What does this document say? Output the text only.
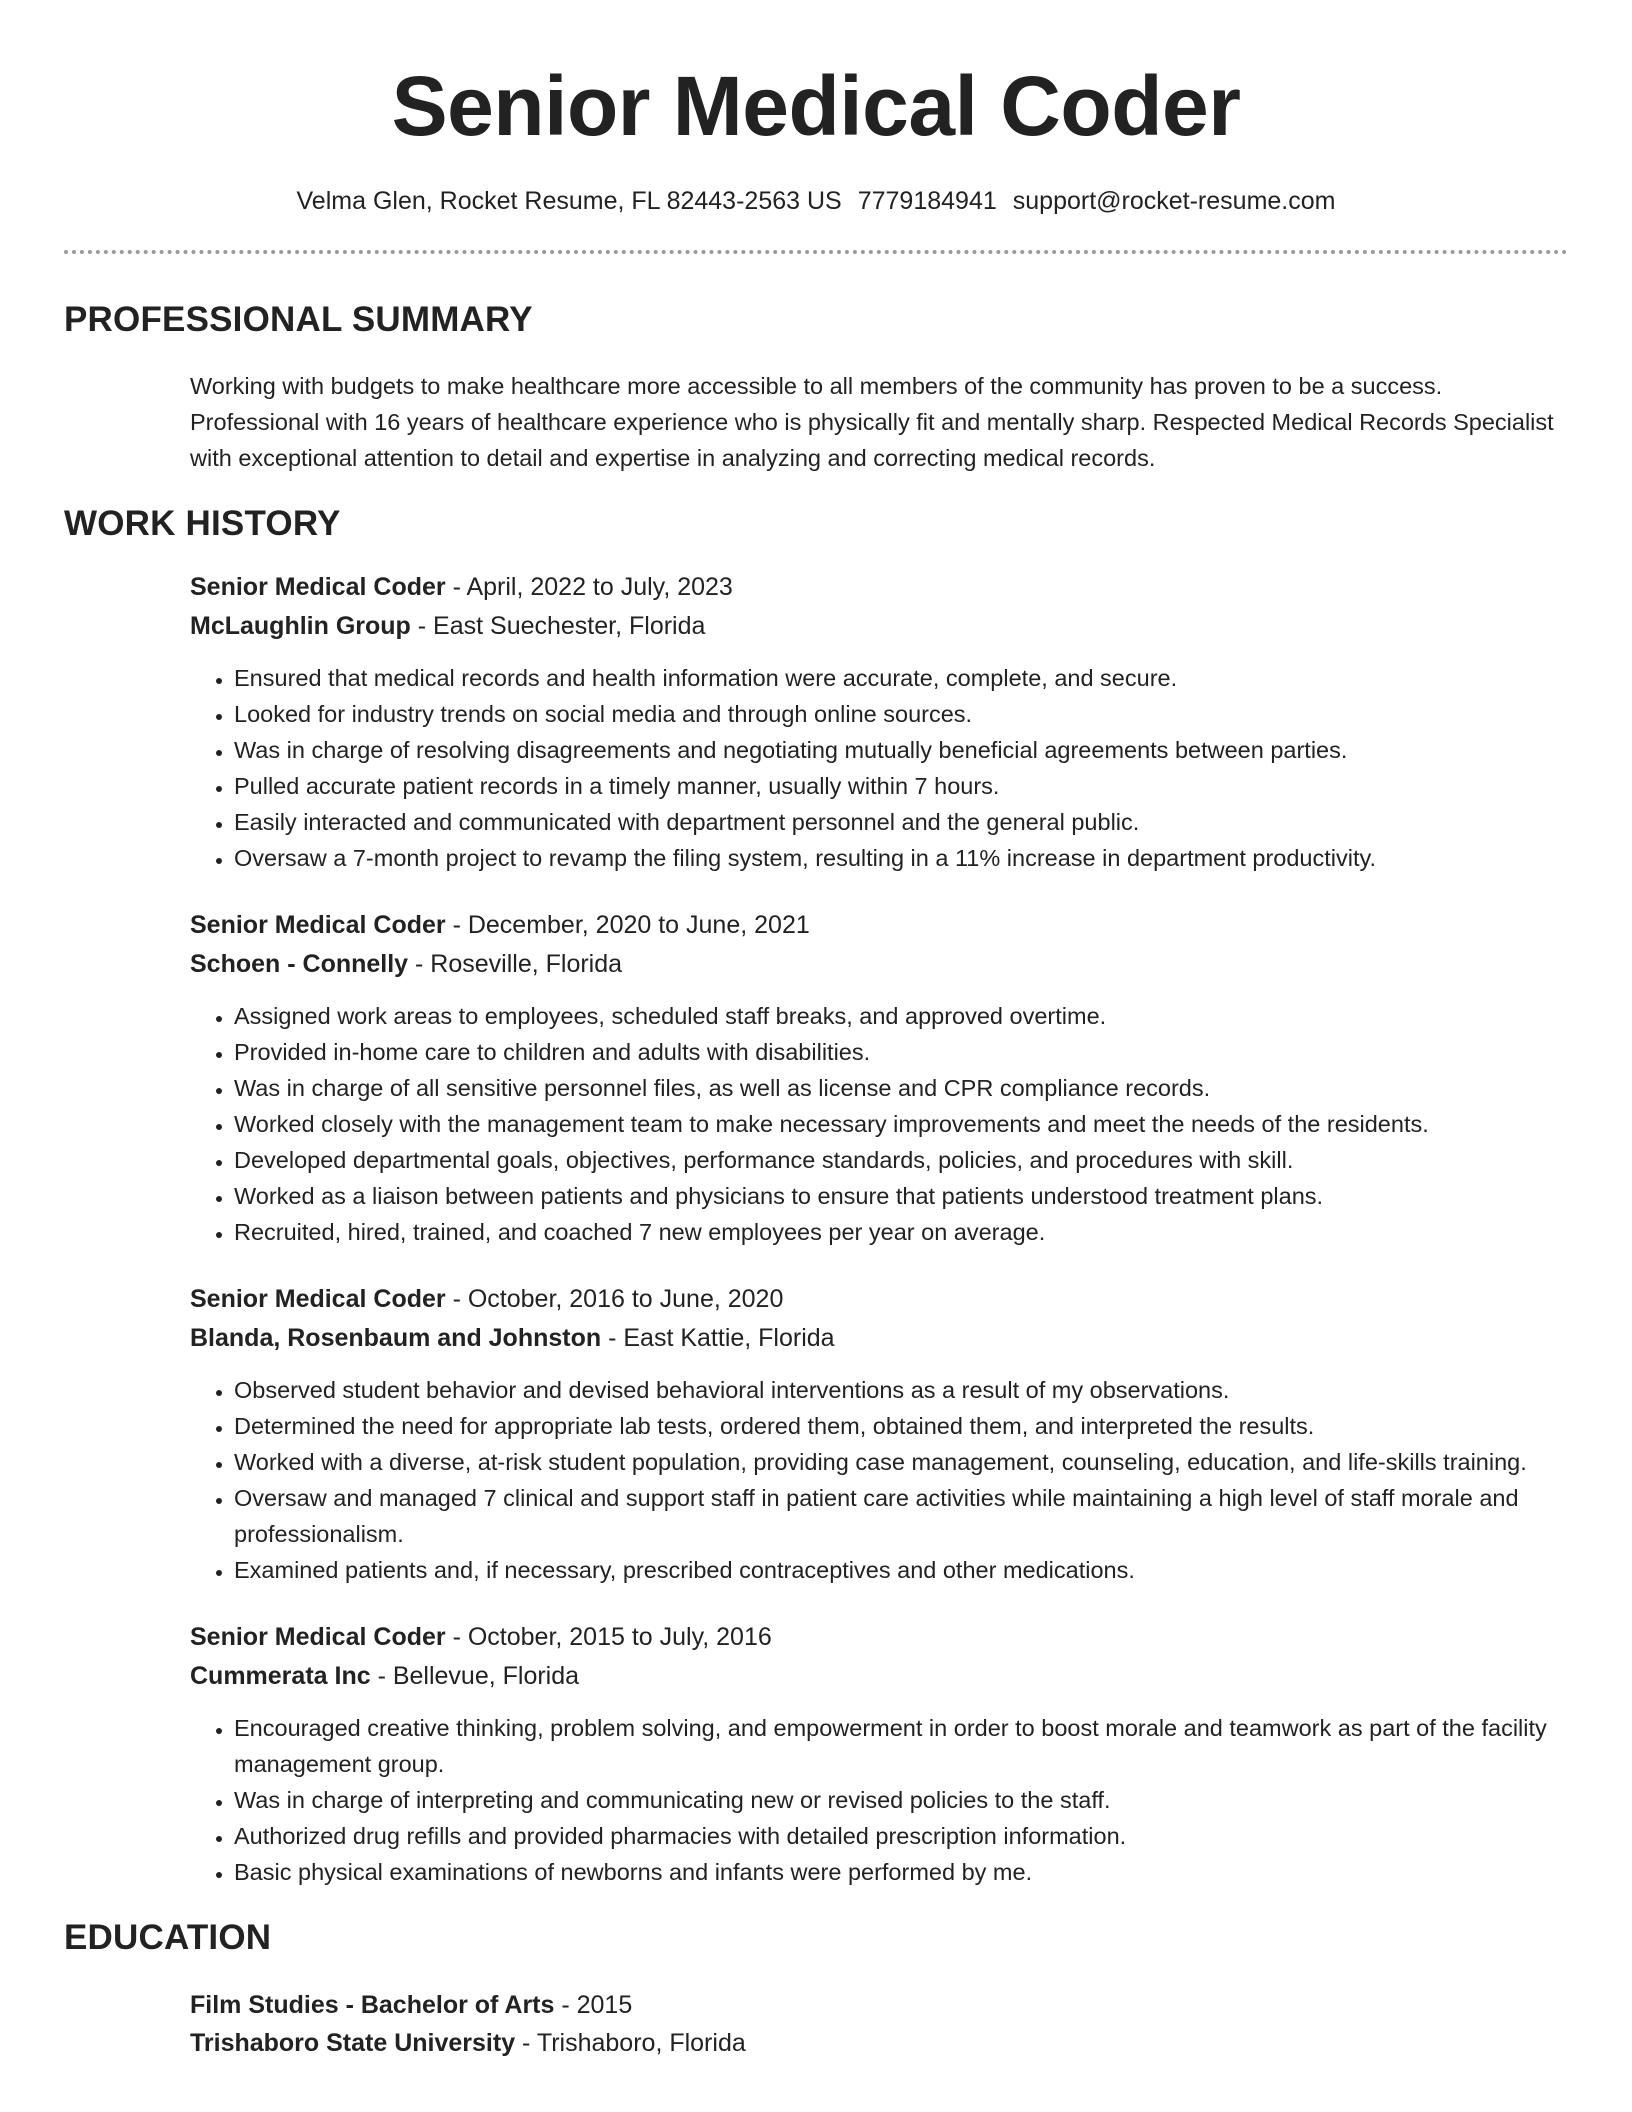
Senior Medical Coder
Velma Glen, Rocket Resume, FL 82443-2563 US 7779184941 support@rocket-resume.com
PROFESSIONAL SUMMARY

Working with budgets to make healthcare more accessible to all members of the community has proven to be a success. Professional with 16 years of healthcare experience who is physically fit and mentally sharp. Respected Medical Records Specialist with exceptional attention to detail and expertise in analyzing and correcting medical records.

WORK HISTORY
Senior Medical Coder - April, 2022 to July, 2023
McLaughlin Group - East Suechester, Florida
• Ensured that medical records and health information were accurate, complete, and secure.
• Looked for industry trends on social media and through online sources.
• Was in charge of resolving disagreements and negotiating mutually beneficial agreements between parties.
• Pulled accurate patient records in a timely manner, usually within 7 hours.
• Easily interacted and communicated with department personnel and the general public.
• Oversaw a 7-month project to revamp the filing system, resulting in a 11% increase in department productivity.
Senior Medical Coder - December, 2020 to June, 2021
Schoen - Connelly - Roseville, Florida
• Assigned work areas to employees, scheduled staff breaks, and approved overtime.
• Provided in-home care to children and adults with disabilities.
• Was in charge of all sensitive personnel files, as well as license and CPR compliance records.
• Worked closely with the management team to make necessary improvements and meet the needs of the residents.
• Developed departmental goals, objectives, performance standards, policies, and procedures with skill.
• Worked as a liaison between patients and physicians to ensure that patients understood treatment plans.
• Recruited, hired, trained, and coached 7 new employees per year on average.
Senior Medical Coder - October, 2016 to June, 2020
Blanda, Rosenbaum and Johnston - East Kattie, Florida
• Observed student behavior and devised behavioral interventions as a result of my observations.
• Determined the need for appropriate lab tests, ordered them, obtained them, and interpreted the results.
• Worked with a diverse, at-risk student population, providing case management, counseling, education, and life-skills training.
• Oversaw and managed 7 clinical and support staff in patient care activities while maintaining a high level of staff morale and professionalism.
• Examined patients and, if necessary, prescribed contraceptives and other medications.
Senior Medical Coder - October, 2015 to July, 2016
Cummerata Inc - Bellevue, Florida
• Encouraged creative thinking, problem solving, and empowerment in order to boost morale and teamwork as part of the facility management group.
• Was in charge of interpreting and communicating new or revised policies to the staff.
• Authorized drug refills and provided pharmacies with detailed prescription information.
• Basic physical examinations of newborns and infants were performed by me.
EDUCATION
Film Studies - Bachelor of Arts - 2015
Trishaboro State University - Trishaboro, Florida
